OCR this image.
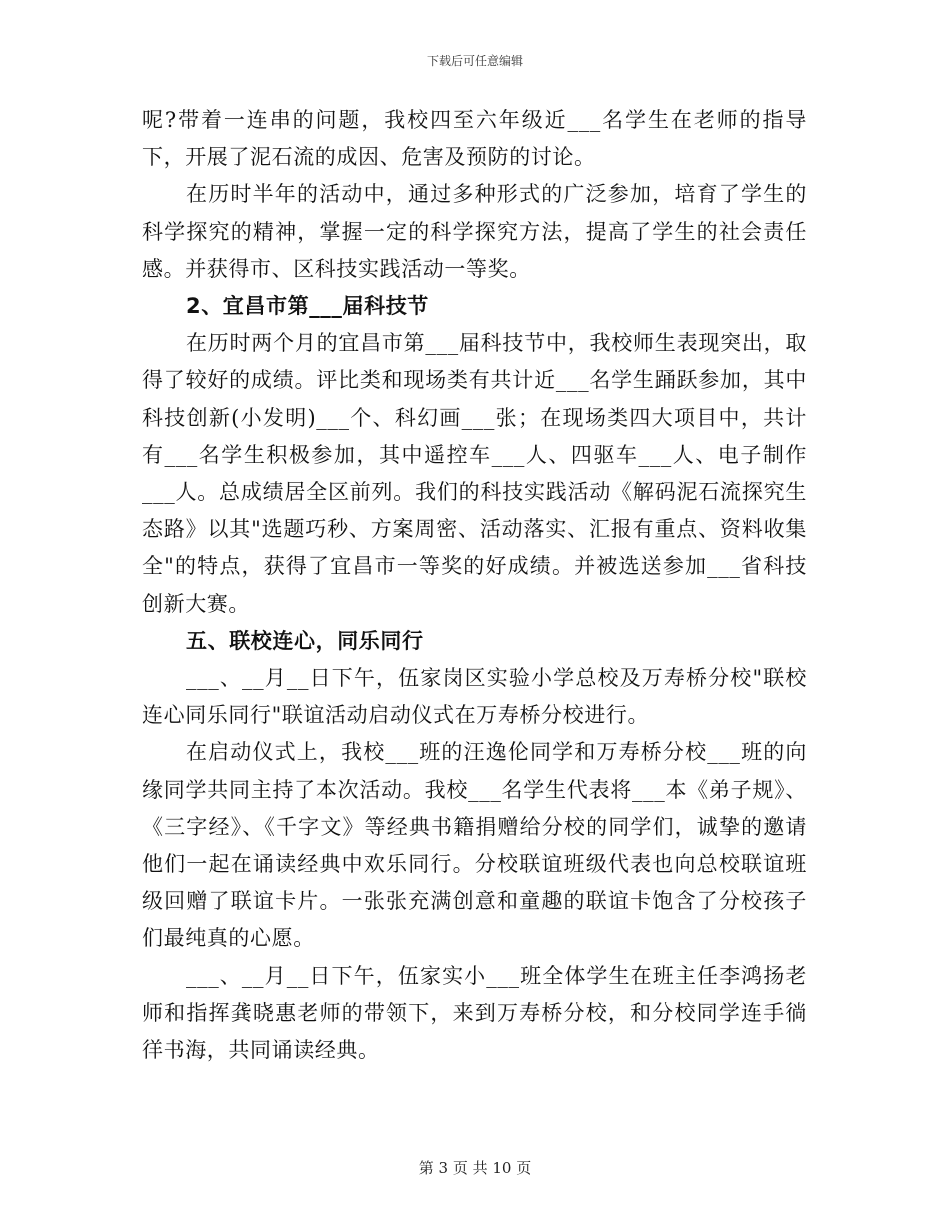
下载后可任意编辑

呢?带着一连串的问题，我校四至六年级近___名学生在老师的指导下，开展了泥石流的成因、危害及预防的讨论。

在历时半年的活动中，通过多种形式的广泛参加，培育了学生的科学探究的精神，掌握一定的科学探究方法，提高了学生的社会责任感。并获得市、区科技实践活动一等奖。

2、宜昌市第___届科技节

在历时两个月的宜昌市第___届科技节中，我校师生表现突出，取得了较好的成绩。评比类和现场类有共计近___名学生踊跃参加，其中科技创新(小发明)___个、科幻画___张；在现场类四大项目中，共计有___名学生积极参加，其中遥控车___人、四驱车___人、电子制作___人。总成绩居全区前列。我们的科技实践活动《解码泥石流探究生态路》以其"选题巧秒、方案周密、活动落实、汇报有重点、资料收集全"的特点，获得了宜昌市一等奖的好成绩。并被选送参加___省科技创新大赛。

五、联校连心，同乐同行

___、__月__日下午，伍家岗区实验小学总校及万寿桥分校"联校连心同乐同行"联谊活动启动仪式在万寿桥分校进行。

在启动仪式上，我校___班的汪逸伦同学和万寿桥分校___班的向缘同学共同主持了本次活动。我校___名学生代表将___本《弟子规》、《三字经》、《千字文》等经典书籍捐赠给分校的同学们，诚挚的邀请他们一起在诵读经典中欢乐同行。分校联谊班级代表也向总校联谊班级回赠了联谊卡片。一张张充满创意和童趣的联谊卡饱含了分校孩子们最纯真的心愿。

___、__月__日下午，伍家实小___班全体学生在班主任李鸿扬老师和指挥龚晓惠老师的带领下，来到万寿桥分校，和分校同学连手徜徉书海，共同诵读经典。

第 3 页 共 10 页
